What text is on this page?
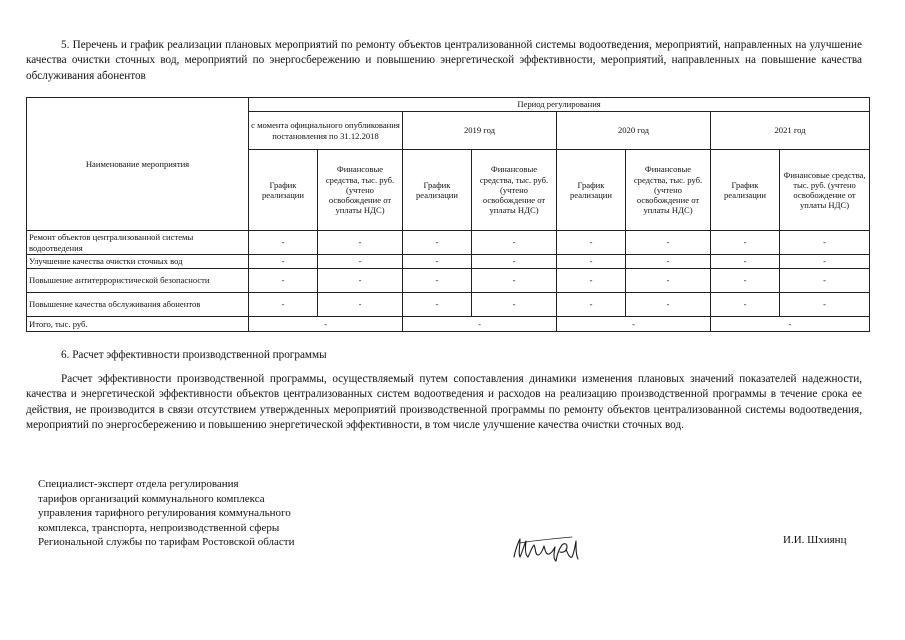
5. Перечень и график реализации плановых мероприятий по ремонту объектов централизованной системы водоотведения, мероприятий, направленных на улучшение качества очистки сточных вод, мероприятий по энергосбережению и повышению энергетической эффективности, мероприятий, направленных на повышение качества обслуживания абонентов
Наименование мероприятия	Период регулирования							
	с момента официального опубликования постановления по 31.12.2018		2019 год		2020 год		2021 год	
	График реализации	Финансовые средства, тыс. руб. (учтено освобождение от уплаты НДС)	График реализации	Финансовые средства, тыс. руб. (учтено освобождение от уплаты НДС)	График реализации	Финансовые средства, тыс. руб. (учтено освобождение от уплаты НДС)	График реализации	Финансовые средства, тыс. руб. (учтено освобождение от уплаты НДС)
Ремонт объектов централизованной системы водоотведения	-	-	-	-	-	-	-	-
Улучшение качества очистки сточных вод	-	-	-	-	-	-	-	-
Повышение антитеррористической безопасности	-	-	-	-	-	-	-	-
Повышение качества обслуживания абонентов	-	-	-	-	-	-	-	-
Итого, тыс. руб.	-		-		-		-	
6. Расчет эффективности производственной программы
Расчет эффективности производственной программы, осуществляемый путем сопоставления динамики изменения плановых значений показателей надежности, качества и энергетической эффективности объектов централизованных систем водоотведения и расходов на реализацию производственной программы в течение срока ее действия, не производится в связи отсутствием утвержденных мероприятий производственной программы по ремонту объектов централизованной системы водоотведения, мероприятий по энергосбережению и повышению энергетической эффективности, в том числе улучшение качества очистки сточных вод.
Специалист-эксперт отдела регулирования
тарифов организаций коммунального комплекса
управления тарифного регулирования коммунального
комплекса, транспорта, непроизводственной сферы
Региональной службы по тарифам Ростовской области	И.И. Шхиянц
